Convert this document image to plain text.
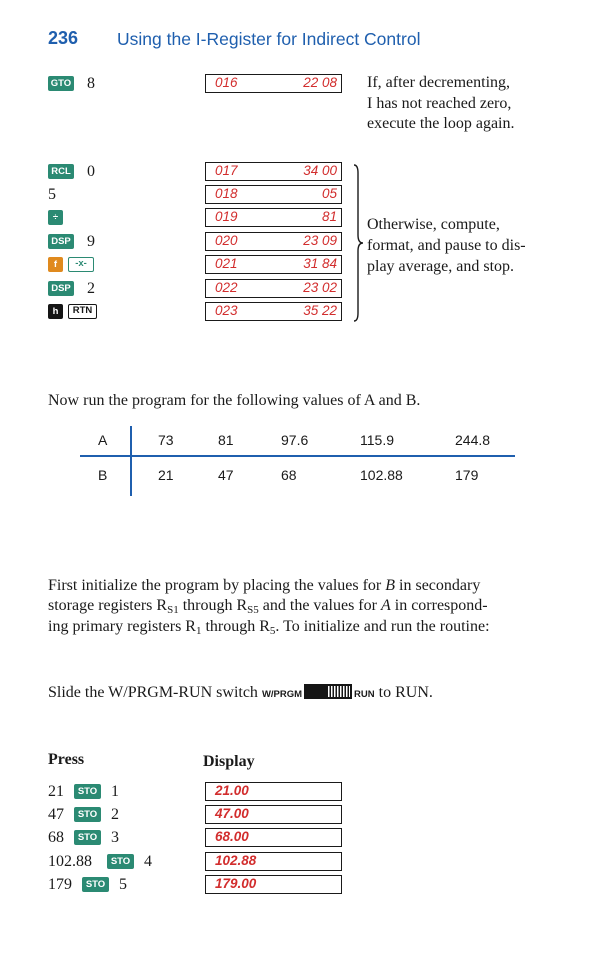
236 Using the I-Register for Indirect Control
GTO 8	016	22 08
RCL 0	017	34 00
5	018	05
÷	019	81
DSP 9	020	23 09
f	-x-	021	31 84
DSP 2	022	23 02
h	RTN	023	35 22
If, after decrementing,
I has not reached zero,
execute the loop again.
Otherwise, compute,
format, and pause to dis-
play average, and stop.
Now run the program for the following values of A and B.
A	73	81	97.6	115.9	244.8
B	21	47	68	102.88	179
First initialize the program by placing the values for B in secondary
storage registers $R_{S1}$ through $R_{S5}$ and the values for A in correspond-
ing primary registers $R_1$ through $R_5$. To initialize and run the routine:
Slide the W/PRGM-RUN switch W/PRGM	RUN to RUN.
Press	Display
21	STO 1	21.00
47	STO 2	47.00
68	STO 3	68.00
102.88	STO 4	102.88
179	STO 5	179.00
